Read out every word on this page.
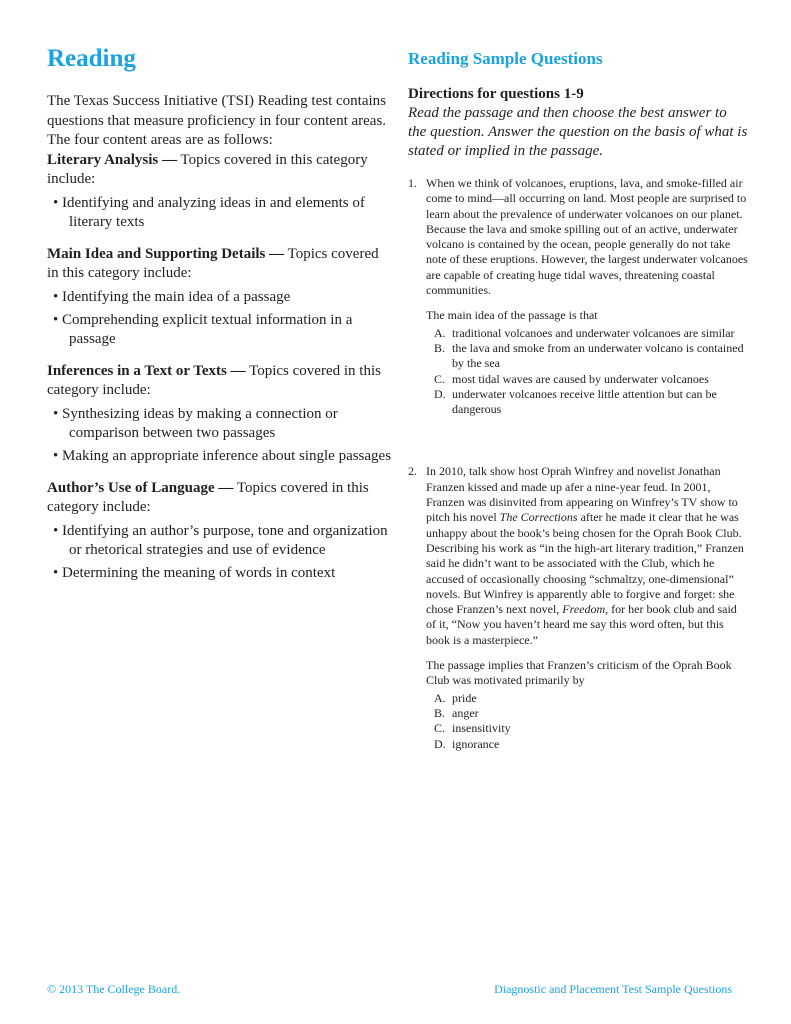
Reading

The Texas Success Initiative (TSI) Reading test contains questions that measure proficiency in four content areas. The four content areas are as follows:

Literary Analysis — Topics covered in this category include:

• Identifying and analyzing ideas in and elements of literary texts

Main Idea and Supporting Details — Topics covered in this category include:

• Identifying the main idea of a passage
• Comprehending explicit textual information in a passage

Inferences in a Text or Texts — Topics covered in this category include:

• Synthesizing ideas by making a connection or comparison between two passages
• Making an appropriate inference about single passages

Author’s Use of Language — Topics covered in this category include:

• Identifying an author’s purpose, tone and organization or rhetorical strategies and use of evidence
• Determining the meaning of words in context
Reading Sample Questions

Directions for questions 1-9

Read the passage and then choose the best answer to the question. Answer the question on the basis of what is stated or implied in the passage.

1. When we think of volcanoes, eruptions, lava, and smoke-filled air come to mind—all occurring on land. Most people are surprised to learn about the prevalence of underwater volcanoes on our planet. Because the lava and smoke spilling out of an active, underwater volcano is contained by the ocean, people generally do not take note of these eruptions. However, the largest underwater volcanoes are capable of creating huge tidal waves, threatening coastal communities.

The main idea of the passage is that

A. traditional volcanoes and underwater volcanoes are similar
B. the lava and smoke from an underwater volcano is contained by the sea
C. most tidal waves are caused by underwater volcanoes
D. underwater volcanoes receive little attention but can be dangerous

2. In 2010, talk show host Oprah Winfrey and novelist Jonathan Franzen kissed and made up afer a nine-year feud. In 2001, Franzen was disinvited from appearing on Winfrey’s TV show to pitch his novel The Corrections after he made it clear that he was unhappy about the book’s being chosen for the Oprah Book Club. Describing his work as “in the high-art literary tradition,” Franzen said he didn’t want to be associated with the Club, which he accused of occasionally choosing “schmaltzy, one-dimensional” novels. But Winfrey is apparently able to forgive and forget: she chose Franzen’s next novel, Freedom, for her book club and said of it, “Now you haven’t heard me say this word often, but this book is a masterpiece.”

The passage implies that Franzen’s criticism of the Oprah Book Club was motivated primarily by

A. pride
B. anger
C. insensitivity
D. ignorance
© 2013 The College Board.	Diagnostic and Placement Test Sample Questions
